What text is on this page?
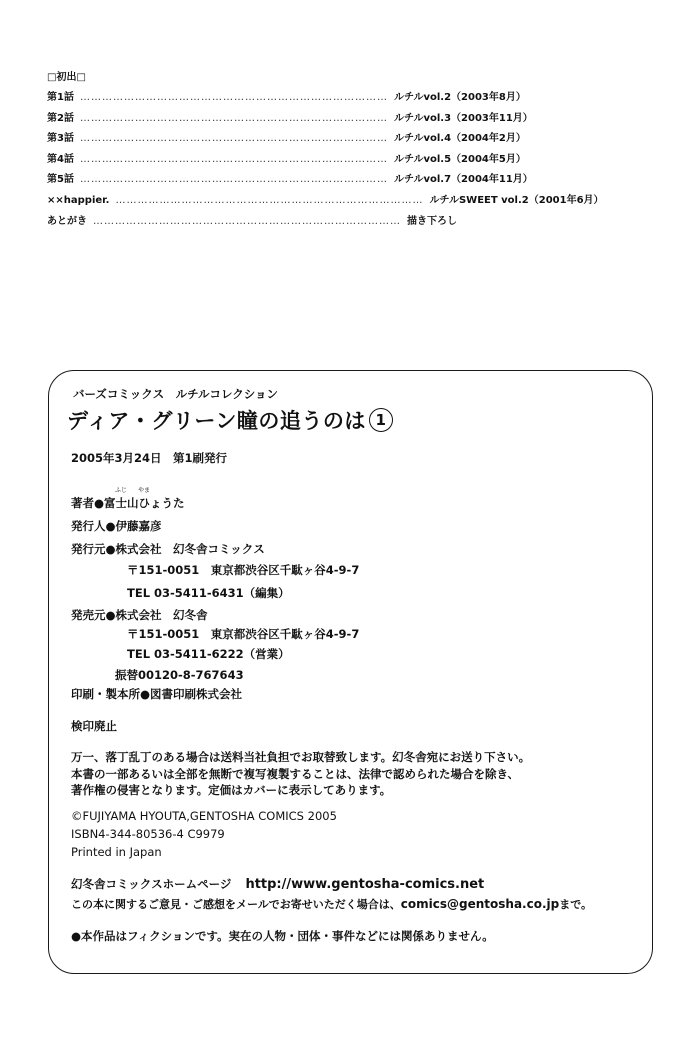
□初出□
第1話 ………………………………………………………………………… ルチルvol.2（2003年8月）
第2話 ………………………………………………………………………… ルチルvol.3（2003年11月）
第3話 ………………………………………………………………………… ルチルvol.4（2004年2月）
第4話 ………………………………………………………………………… ルチルvol.5（2004年5月）
第5話 ………………………………………………………………………… ルチルvol.7（2004年11月）
××happier. ………………………………………………………………………… ルチルSWEET vol.2（2001年6月）
あとがき ………………………………………………………………………… 描き下ろし
バーズコミックス　ルチルコレクション
ディア・グリーン瞳の追うのは 1
2005年3月24日　第1刷発行
著者●富士山ひょうた
ふじ やま
発行人●伊藤嘉彦
発行元●株式会社　幻冬舎コミックス
〒151-0051　東京都渋谷区千駄ヶ谷4-9-7
TEL 03-5411-6431（編集）
発売元●株式会社　幻冬舎
〒151-0051　東京都渋谷区千駄ヶ谷4-9-7
TEL 03-5411-6222（営業）
振替00120-8-767643
印刷・製本所●図書印刷株式会社
検印廃止
万一、落丁乱丁のある場合は送料当社負担でお取替致します。幻冬舎宛にお送り下さい。
本書の一部あるいは全部を無断で複写複製することは、法律で認められた場合を除き、
著作権の侵害となります。定価はカバーに表示してあります。
©FUJIYAMA HYOUTA,GENTOSHA COMICS 2005
ISBN4-344-80536-4 C9979
Printed in Japan
幻冬舎コミックスホームページ http://www.gentosha-comics.net
この本に関するご意見・ご感想をメールでお寄せいただく場合は、comics@gentosha.co.jpまで。
●本作品はフィクションです。実在の人物・団体・事件などには関係ありません。
